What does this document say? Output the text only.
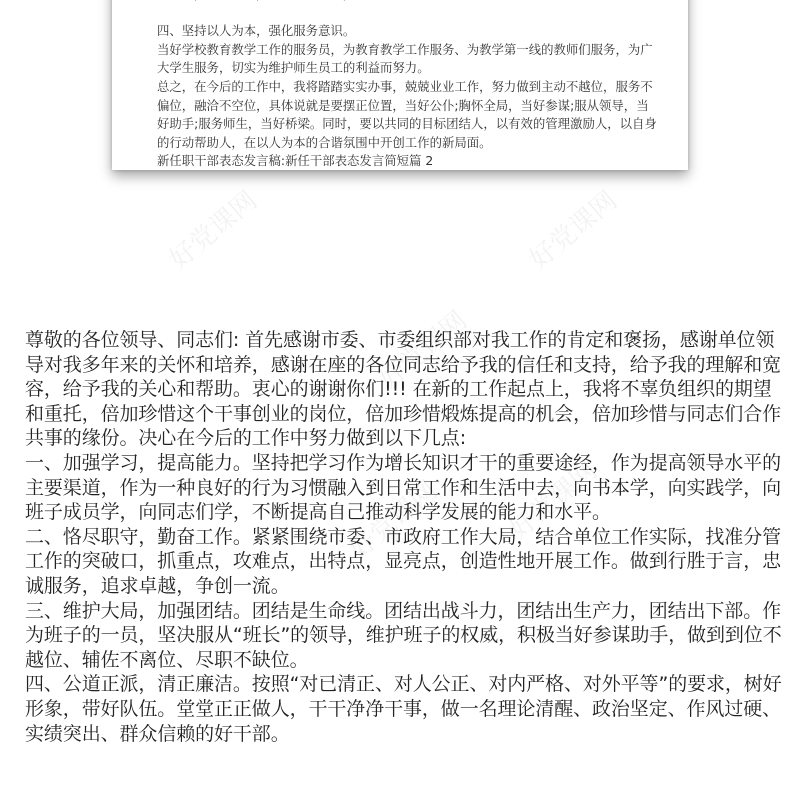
四、坚持以人为本，强化服务意识。
当好学校教育教学工作的服务员，为教育教学工作服务、为教学第一线的教师们服务，为广
大学生服务，切实为维护师生员工的利益而努力。
总之，在今后的工作中，我将踏踏实实办事，兢兢业业工作，努力做到主动不越位，服务不
偏位，融洽不空位，具体说就是要摆正位置，当好公仆;胸怀全局，当好参谋;服从领导，当
好助手;服务师生，当好桥梁。同时，要以共同的目标团结人，以有效的管理激励人，以自身
的行动帮助人，在以人为本的合谐氛围中开创工作的新局面。
新任职干部表态发言稿:新任干部表态发言简短篇 2
尊敬的各位领导、同志们: 首先感谢市委、市委组织部对我工作的肯定和褒扬，感谢单位领
导对我多年来的关怀和培养，感谢在座的各位同志给予我的信任和支持，给予我的理解和宽
容，给予我的关心和帮助。衷心的谢谢你们!!! 在新的工作起点上，我将不辜负组织的期望
和重托，倍加珍惜这个干事创业的岗位，倍加珍惜煅炼提高的机会，倍加珍惜与同志们合作
共事的缘份。决心在今后的工作中努力做到以下几点:
一、加强学习，提高能力。坚持把学习作为增长知识才干的重要途经，作为提高领导水平的
主要渠道，作为一种良好的行为习惯融入到日常工作和生活中去，向书本学，向实践学，向
班子成员学，向同志们学，不断提高自己推动科学发展的能力和水平。
二、恪尽职守，勤奋工作。紧紧围绕市委、市政府工作大局，结合单位工作实际，找准分管
工作的突破口，抓重点，攻难点，出特点，显亮点，创造性地开展工作。做到行胜于言，忠
诚服务，追求卓越，争创一流。
三、维护大局，加强团结。团结是生命线。团结出战斗力，团结出生产力，团结出下部。作
为班子的一员，坚决服从“班长”的领导，维护班子的权威，积极当好参谋助手，做到到位不
越位、辅佐不离位、尽职不缺位。
四、公道正派，清正廉洁。按照“对已清正、对人公正、对内严格、对外平等”的要求，树好
形象，带好队伍。堂堂正正做人，干干净净干事，做一名理论清醒、政治坚定、作风过硬、
实绩突出、群众信赖的好干部。
好党课网	好党课网
好党课网
好党课网
好党课网
